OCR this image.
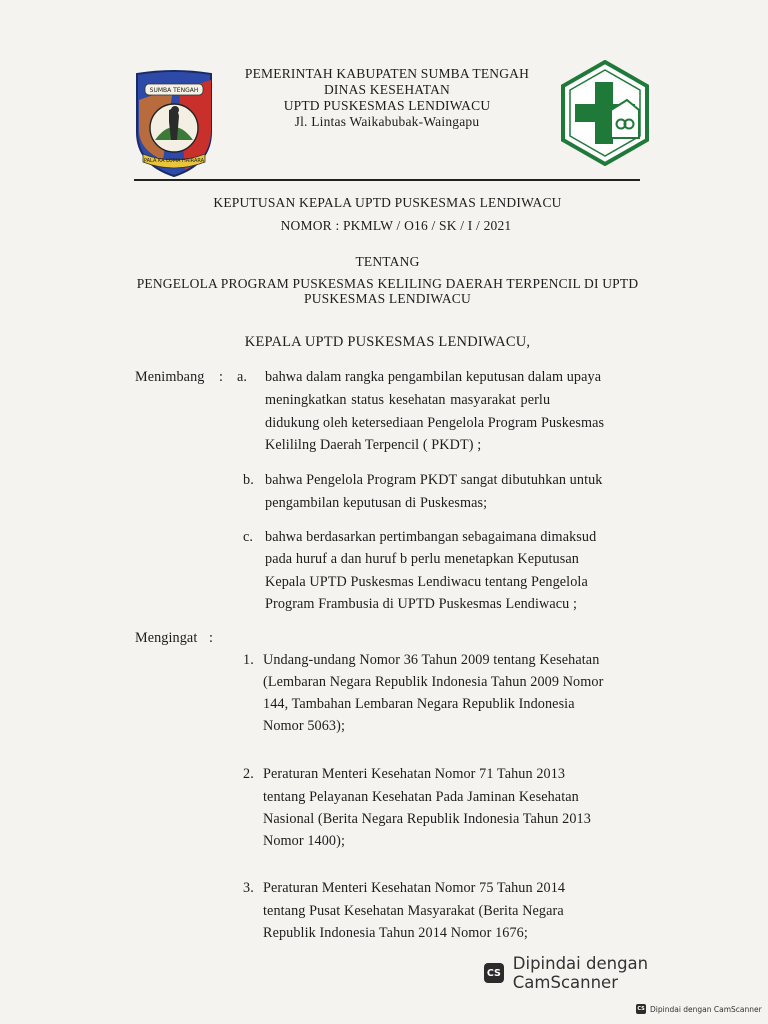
SUMBA TENGAH
PALA KA LOMA HAIRARA
PEMERINTAH KABUPATEN SUMBA TENGAH
DINAS KESEHATAN
UPTD PUSKESMAS LENDIWACU
Jl. Lintas Waikabubak-Waingapu
KEPUTUSAN KEPALA UPTD PUSKESMAS LENDIWACU
NOMOR : PKMLW / O16 / SK / I / 2021
TENTANG
PENGELOLA PROGRAM PUSKESMAS KELILING DAERAH TERPENCIL DI UPTD
PUSKESMAS LENDIWACU
KEPALA UPTD PUSKESMAS LENDIWACU,
Menimbang : a. bahwa dalam rangka pengambilan keputusan dalam upaya
meningkatkan status kesehatan masyarakat perlu
didukung oleh ketersediaan Pengelola Program Puskesmas
Kelililng Daerah Terpencil ( PKDT) ;
b. bahwa Pengelola Program PKDT sangat dibutuhkan untuk
pengambilan keputusan di Puskesmas;
c. bahwa berdasarkan pertimbangan sebagaimana dimaksud
pada huruf a dan huruf b perlu menetapkan Keputusan
Kepala UPTD Puskesmas Lendiwacu tentang Pengelola
Program Frambusia di UPTD Puskesmas Lendiwacu ;
Mengingat :
1. Undang-undang Nomor 36 Tahun 2009 tentang Kesehatan
(Lembaran Negara Republik Indonesia Tahun 2009 Nomor
144, Tambahan Lembaran Negara Republik Indonesia
Nomor 5063);
2. Peraturan Menteri Kesehatan Nomor 71 Tahun 2013
tentang Pelayanan Kesehatan Pada Jaminan Kesehatan
Nasional (Berita Negara Republik Indonesia Tahun 2013
Nomor 1400);
3. Peraturan Menteri Kesehatan Nomor 75 Tahun 2014
tentang Pusat Kesehatan Masyarakat (Berita Negara
Republik Indonesia Tahun 2014 Nomor 1676;
CS Dipindai dengan CamScanner
CS Dipindai dengan CamScanner
